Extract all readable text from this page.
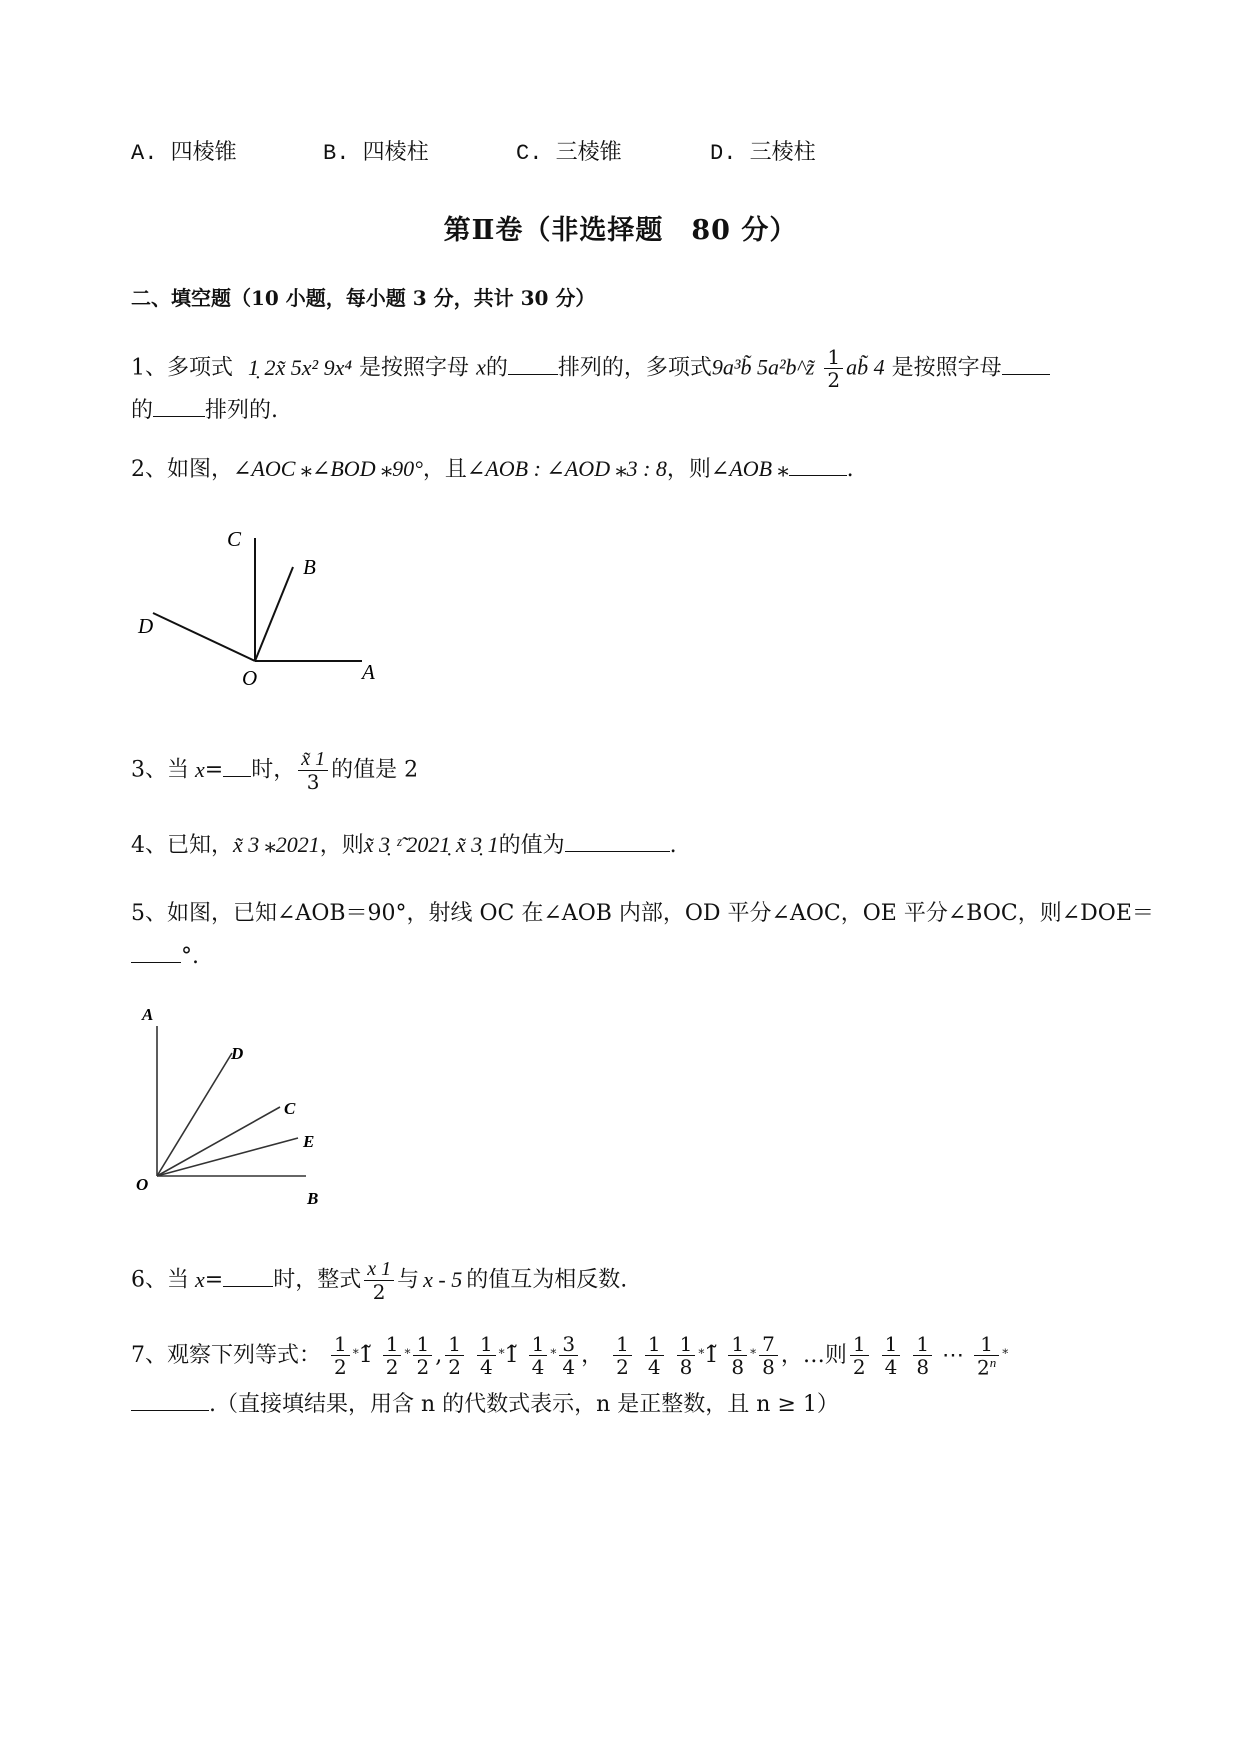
A. 四棱锥	B. 四棱柱	C. 三棱锥	D. 三棱柱
第Ⅱ卷（非选择题　80 分）
二、填空题（10 小题，每小题 3 分，共计 30 分）
1、多项式 1̣ 2x̃ 5x² 9x⁴ 是按照字母 x的 排列的，多项式9a³b̃ 5a²b^z̃ $\frac{1}{2}$ ab̃ 4 是按照字母
的 排列的.
2、如图，∠AOC ⁎∠BOD ⁎90°，且∠AOB : ∠AOD ⁎3 : 8，则∠AOB ⁎	.
C
B
D
O	A
3、当 x= 时， $\frac{x̃ 1}{3}$ 的值是 2
4、已知，x̃ 3 ⁎2021，则x̃ 3̣ ᶻ̃ 2021̣ x̃ 3̣ 1的值为	.
5、如图，已知∠AOB＝90°，射线 OC 在∠AOB 内部，OD 平分∠AOC，OE 平分∠BOC，则∠DOE＝
°.
A
D
C
E
O
B
6、当 x= 时，整式 $\frac{x 1}{2}$ 与 x - 5 的值互为相反数.
7、观察下列等式： $\frac{1}{2}$ ⁎1̃ $\frac{1}{2} ^⁎ \frac{1}{2}$ , $\frac{1}{2}$
$\frac{1}{4}$ ⁎1̃ $\frac{1}{4} ^⁎ \frac{3}{4}$ ， $\frac{1}{2}$
$\frac{1}{4}$
$\frac{1}{8}$ ⁎1̃ $\frac{1}{8} ^⁎ \frac{7}{8}$ ，…则 $\frac{1}{2}$
$\frac{1}{4}$
$\frac{1}{8}$ ⋯ $\frac{1}{2^n} ^⁎$
.（直接填结果，用含 n 的代数式表示，n 是正整数，且 n ≥ 1）
